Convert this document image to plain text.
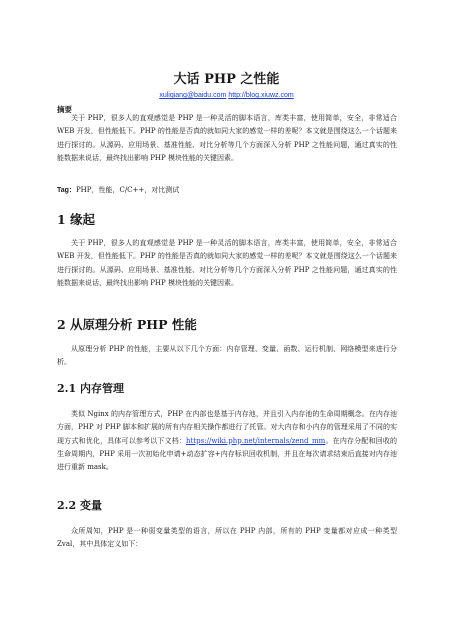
大话 PHP 之性能
xuliqiang@baidu.com http://blog.xiuwz.com
摘要

关于 PHP，很多人的直观感觉是 PHP 是一种灵活的脚本语言，库类丰富，使用简单，安全，非常适合 WEB 开发，但性能低下。PHP 的性能是否真的就如同大家的感觉一样的差呢？本文就是围绕这么一个话题来进行探讨的。从源码、应用场景、基准性能、对比分析等几个方面深入分析 PHP 之性能问题，通过真实的性能数据来说话，最终找出影响 PHP 模块性能的关键因素。

Tag：PHP，性能，C/C++，对比测试
1 缘起

关于 PHP，很多人的直观感觉是 PHP 是一种灵活的脚本语言，库类丰富，使用简单，安全，非常适合 WEB 开发，但性能低下。PHP 的性能是否真的就如同大家的感觉一样的差呢？本文就是围绕这么一个话题来进行探讨的。从源码、应用场景、基准性能、对比分析等几个方面深入分析 PHP 之性能问题，通过真实的性能数据来说话，最终找出影响 PHP 模块性能的关键因素。

2 从原理分析 PHP 性能

从原理分析 PHP 的性能，主要从以下几个方面：内存管理、变量、函数、运行机制、网络模型来进行分析。

2.1 内存管理

类似 Nginx 的内存管理方式，PHP 在内部也是基于内存池，并且引入内存池的生命周期概念。在内存池方面，PHP 对 PHP 脚本和扩展的所有内存相关操作都进行了托管。对大内存和小内存的管理采用了不同的实现方式和优化，具体可以参考以下文档：https://wiki.php.net/internals/zend_mm。在内存分配和回收的生命周期内，PHP 采用一次初始化申请+动态扩容+内存标识回收机制，并且在每次请求结束后直接对内存池进行重新 mask。

2.2 变量

众所周知，PHP 是一种弱变量类型的语言，所以在 PHP 内部，所有的 PHP 变量都对应成一种类型 Zval，其中具体定义如下：
